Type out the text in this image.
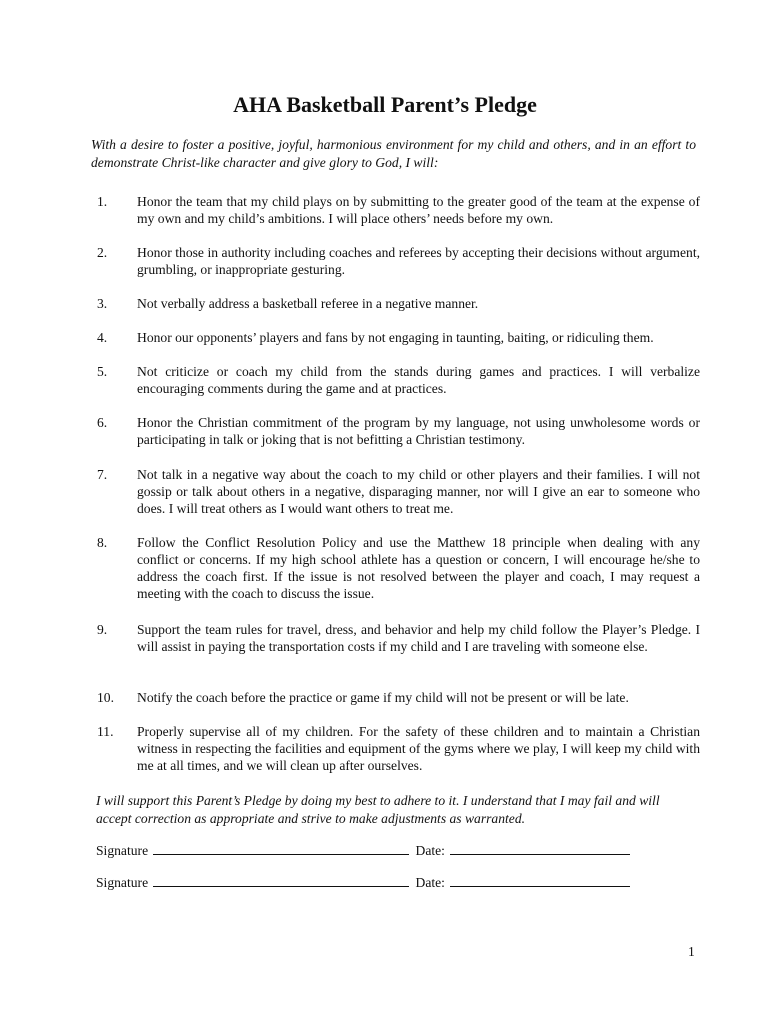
AHA Basketball Parent’s Pledge

With a desire to foster a positive, joyful, harmonious environment for my child and others, and in an effort to demonstrate Christ-like character and give glory to God, I will:

1. Honor the team that my child plays on by submitting to the greater good of the team at the expense of my own and my child’s ambitions. I will place others’ needs before my own.
2. Honor those in authority including coaches and referees by accepting their decisions without argument, grumbling, or inappropriate gesturing.
3. Not verbally address a basketball referee in a negative manner.
4. Honor our opponents’ players and fans by not engaging in taunting, baiting, or ridiculing them.
5. Not criticize or coach my child from the stands during games and practices. I will verbalize encouraging comments during the game and at practices.
6. Honor the Christian commitment of the program by my language, not using unwholesome words or participating in talk or joking that is not befitting a Christian testimony.
7. Not talk in a negative way about the coach to my child or other players and their families. I will not gossip or talk about others in a negative, disparaging manner, nor will I give an ear to someone who does. I will treat others as I would want others to treat me.
8. Follow the Conflict Resolution Policy and use the Matthew 18 principle when dealing with any conflict or concerns. If my high school athlete has a question or concern, I will encourage he/she to address the coach first. If the issue is not resolved between the player and coach, I may request a meeting with the coach to discuss the issue.
9. Support the team rules for travel, dress, and behavior and help my child follow the Player’s Pledge. I will assist in paying the transportation costs if my child and I are traveling with someone else.
10. Notify the coach before the practice or game if my child will not be present or will be late.
11. Properly supervise all of my children. For the safety of these children and to maintain a Christian witness in respecting the facilities and equipment of the gyms where we play, I will keep my child with me at all times, and we will clean up after ourselves.

I will support this Parent’s Pledge by doing my best to adhere to it. I understand that I may fail and will accept correction as appropriate and strive to make adjustments as warranted.

Signature	Date:
Signature	Date:
1
